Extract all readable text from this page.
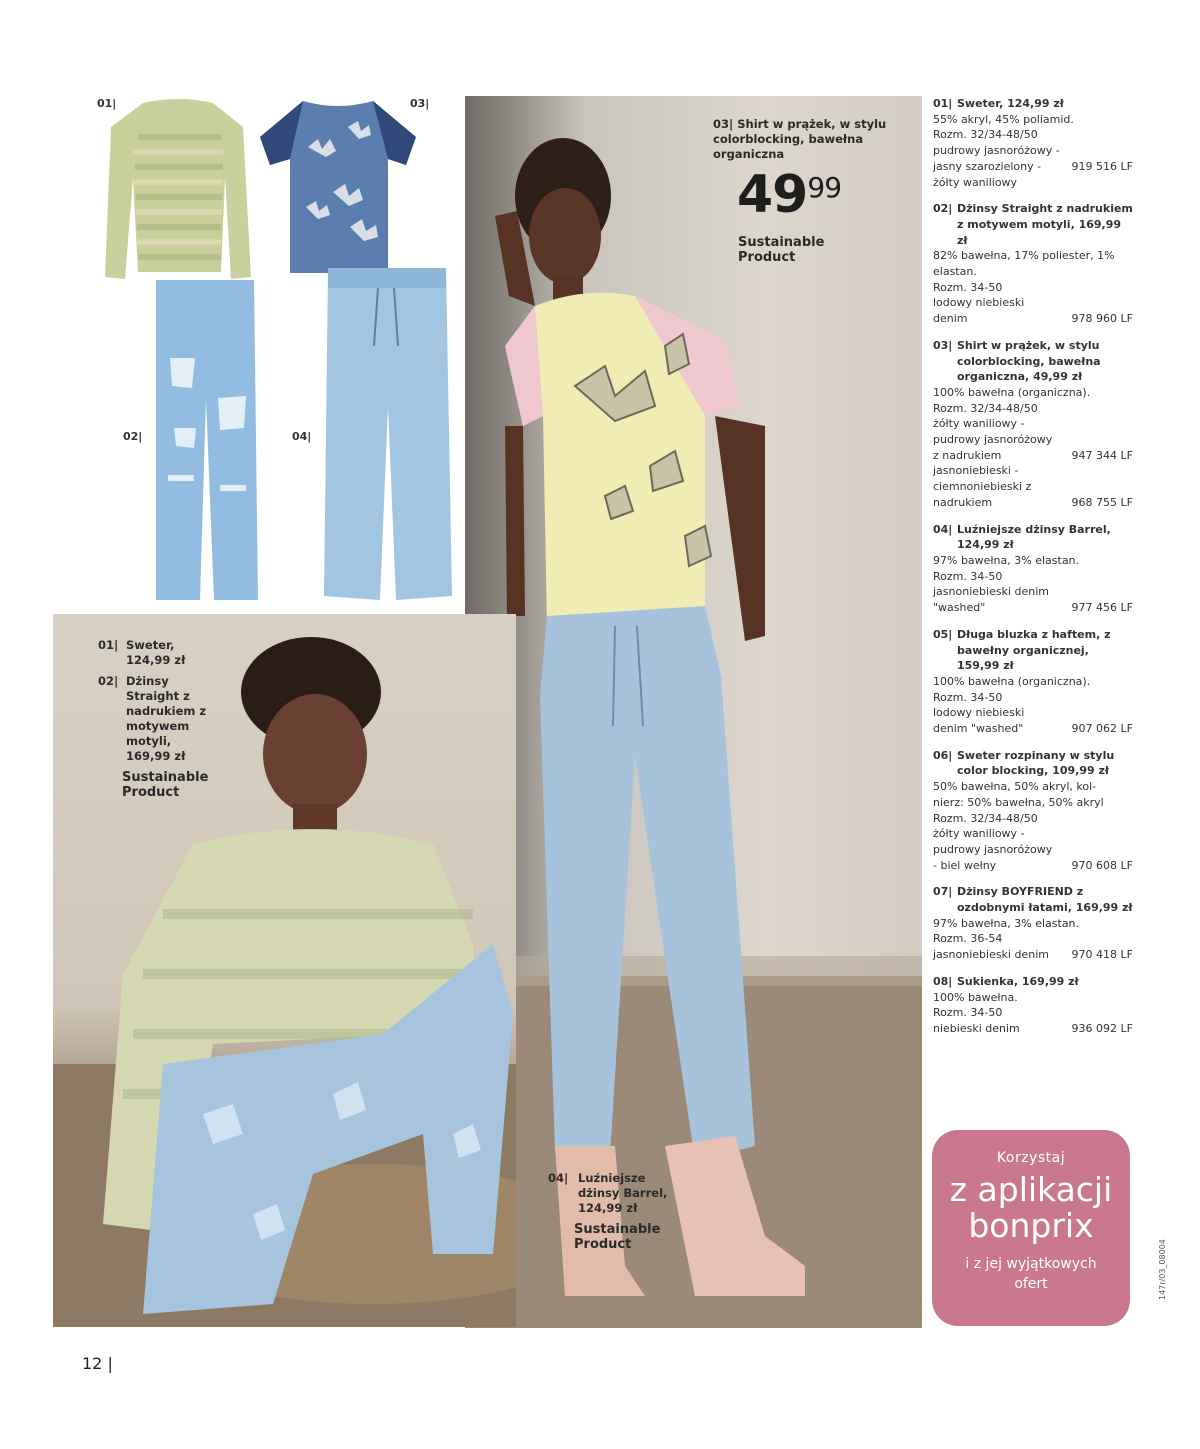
01|	03|
02|	04|
03| Shirt w prążek, w stylu colorblocking, bawełna organiczna
$49^{99}$
Sustainable Product
01| Sweter, 124,99 zł
02| Dżinsy Straight z nadrukiem z motywem motyli, 169,99 zł
Sustainable Product
04| Luźniejsze dżinsy Barrel, 124,99 zł
Sustainable Product
01| Sweter, 124,99 zł
55% akryl, 45% poliamid.
Rozm. 32/34-48/50
pudrowy jasnoróżowy -
jasny szarozielony -	919 516 LF
żółty waniliowy
02| Dżinsy Straight z nadrukiem z motywem motyli, 169,99 zł
82% bawełna, 17% poliester, 1% elastan.
Rozm. 34-50
lodowy niebieski
denim	978 960 LF
03| Shirt w prążek, w stylu colorblocking, bawełna organiczna, 49,99 zł
100% bawełna (organiczna).
Rozm. 32/34-48/50
żółty waniliowy -
pudrowy jasnoróżowy
z nadrukiem	947 344 LF
jasnoniebieski -
ciemnoniebieski z
nadrukiem	968 755 LF
04| Luźniejsze dżinsy Barrel, 124,99 zł
97% bawełna, 3% elastan.
Rozm. 34-50
jasnoniebieski denim
"washed"	977 456 LF
05| Długa bluzka z haftem, z bawełny organicznej, 159,99 zł
100% bawełna (organiczna).
Rozm. 34-50
lodowy niebieski
denim "washed"	907 062 LF
06| Sweter rozpinany w stylu color blocking, 109,99 zł
50% bawełna, 50% akryl, kol-
nierz: 50% bawełna, 50% akryl
Rozm. 32/34-48/50
żółty waniliowy -
pudrowy jasnoróżowy
- biel wełny	970 608 LF
07| Dżinsy BOYFRIEND z ozdobnymi łatami, 169,99 zł
97% bawełna, 3% elastan.
Rozm. 36-54
jasnoniebieski denim 970 418 LF
08| Sukienka, 169,99 zł
100% bawełna.
Rozm. 34-50
niebieski denim	936 092 LF
Korzystaj
z aplikacji
bonprix
i z jej wyjątkowych
ofert
12 |
147r/03_08004
